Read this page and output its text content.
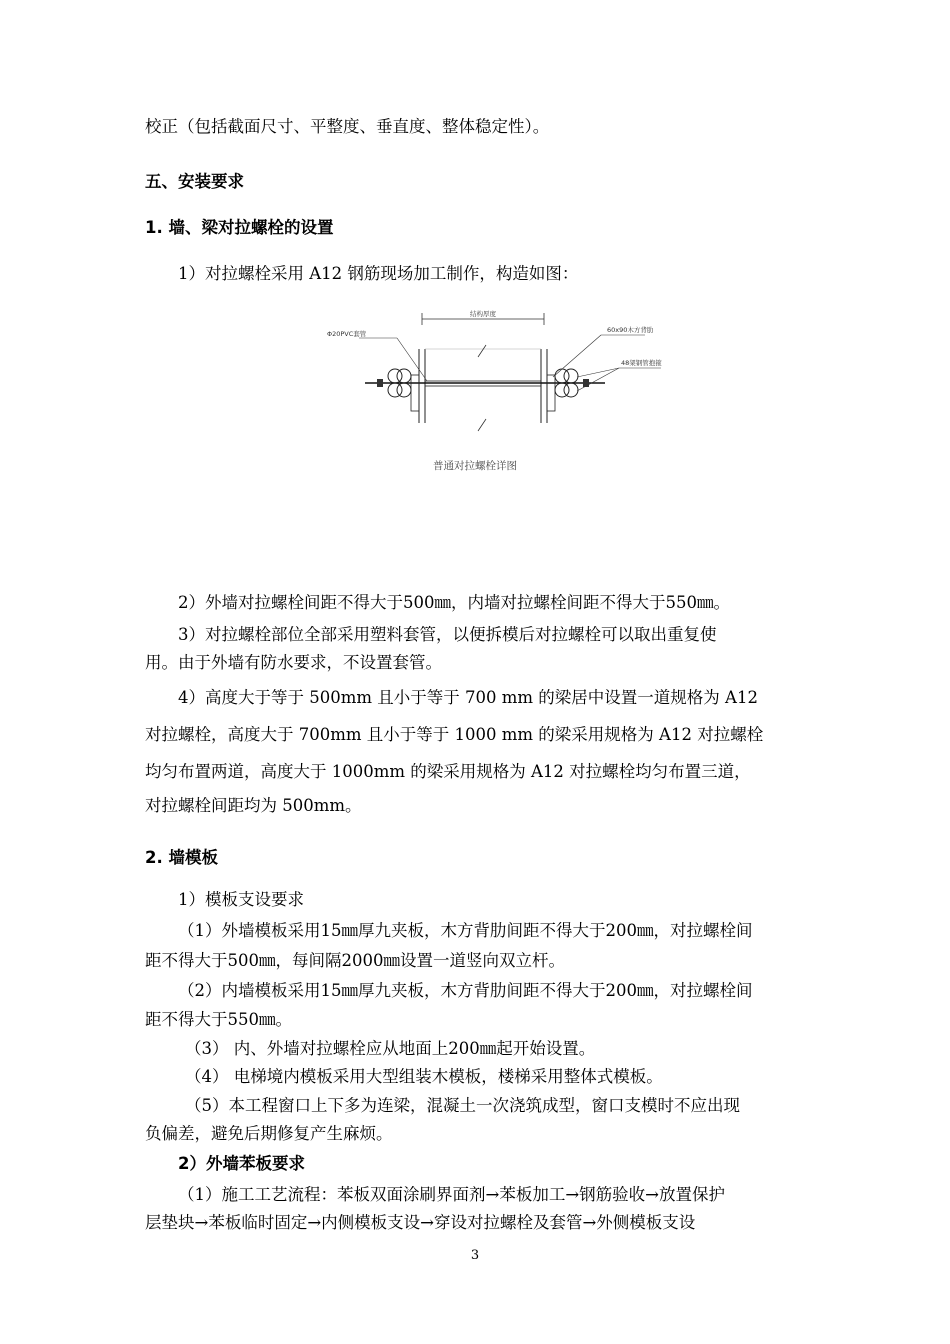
校正（包括截面尺寸、平整度、垂直度、整体稳定性）。
五、安装要求
1. 墙、梁对拉螺栓的设置
1）对拉螺栓采用 A12 钢筋现场加工制作，构造如图：
结构厚度
Φ20PVC套管	60x90木方背肋
48架钢管抱箍
普通对拉螺栓详图
2）外墙对拉螺栓间距不得大于500㎜，内墙对拉螺栓间距不得大于550㎜。
3）对拉螺栓部位全部采用塑料套管，以便拆模后对拉螺栓可以取出重复使
用。由于外墙有防水要求，不设置套管。
4）高度大于等于 500mm 且小于等于 700 mm 的梁居中设置一道规格为 A12
对拉螺栓，高度大于 700mm 且小于等于 1000 mm 的梁采用规格为 A12 对拉螺栓
均匀布置两道，高度大于 1000mm 的梁采用规格为 A12 对拉螺栓均匀布置三道，
对拉螺栓间距均为 500mm。
2. 墙模板
1）模板支设要求
（1）外墙模板采用15㎜厚九夹板，木方背肋间距不得大于200㎜，对拉螺栓间
距不得大于500㎜，每间隔2000㎜设置一道竖向双立杆。
（2）内墙模板采用15㎜厚九夹板，木方背肋间距不得大于200㎜，对拉螺栓间
距不得大于550㎜。
（3） 内、外墙对拉螺栓应从地面上200㎜起开始设置。
（4） 电梯境内模板采用大型组装木模板，楼梯采用整体式模板。
（5）本工程窗口上下多为连梁，混凝土一次浇筑成型，窗口支模时不应出现
负偏差，避免后期修复产生麻烦。
2）外墙苯板要求
（1）施工工艺流程：苯板双面涂刷界面剂→苯板加工→钢筋验收→放置保护
层垫块→苯板临时固定→内侧模板支设→穿设对拉螺栓及套管→外侧模板支设
3
